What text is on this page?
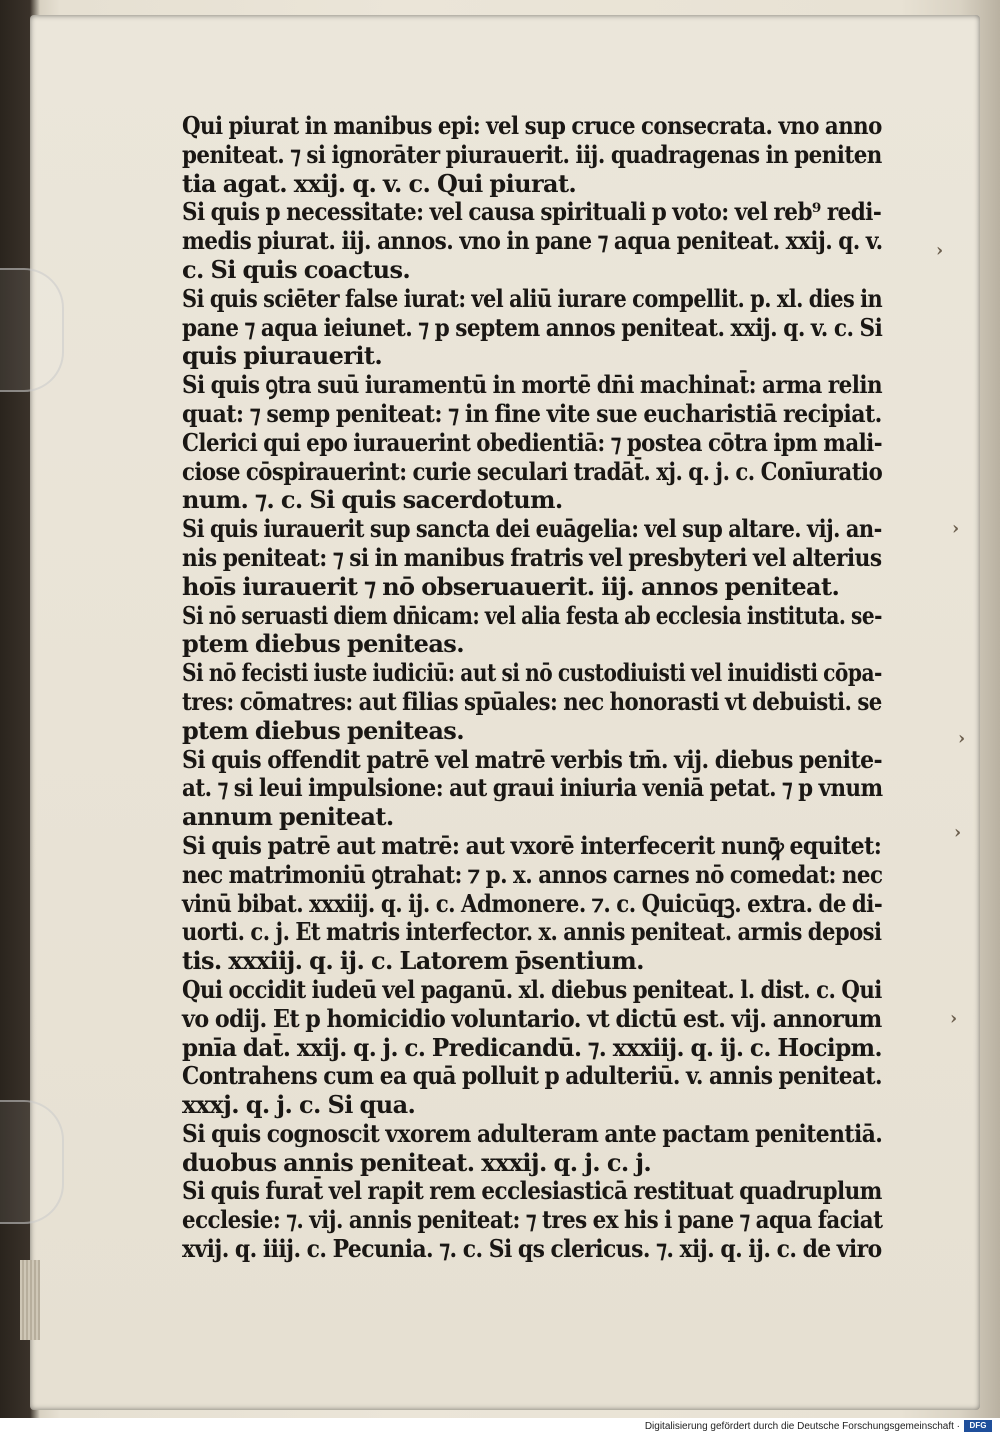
›
›
›
›
›
Qui piurat in manibus epi: vel sup cruce consecrata. vno anno
peniteat. ⁊ si ignorāter piurauerit. iij. quadragenas in peniten
tia agat. xxij. q. v. c. Qui piurat.
Si quis p necessitate: vel causa spirituali p voto: vel reb⁹ redi-
medis piurat. iij. annos. vno in pane ⁊ aqua peniteat. xxij. q. v.
c. Si quis coactus.
Si quis sciēter false iurat: vel aliū iurare compellit. p. xl. dies in
pane ⁊ aqua ieiunet. ⁊ p septem annos peniteat. xxij. q. v. c. Si
quis piurauerit.
Si quis ꝯtra suū iuramentū in mortē dn̄i machinat̄: arma relin
quat: ⁊ semp peniteat: ⁊ in fine vite sue eucharistiā recipiat.
Clerici qui epo iurauerint obedientiā: ⁊ postea cōtra ipm mali-
ciose cōspirauerint: curie seculari tradāt̄. xj. q. j. c. Conīuratio
num. ⁊. c. Si quis sacerdotum.
Si quis iurauerit sup sancta dei euāgelia: vel sup altare. vij. an-
nis peniteat: ⁊ si in manibus fratris vel presbyteri vel alterius
hoīs iurauerit ⁊ nō obseruauerit. iij. annos peniteat.
Si nō seruasti diem dn̄icam: vel alia festa ab ecclesia instituta. se-
ptem diebus peniteas.
Si nō fecisti iuste iudiciū: aut si nō custodiuisti vel inuidisti cōpa-
tres: cōmatres: aut filias spūales: nec honorasti vt debuisti. se
ptem diebus peniteas.
Si quis offendit patrē vel matrē verbis tm̄. vij. diebus penite-
at. ⁊ si leui impulsione: aut graui iniuria veniā petat. ⁊ p vnum
annum peniteat.
Si quis patrē aut matrē: aut vxorē interfecerit nunꝙ̄ equitet:
nec matrimoniū ꝯtrahat: ⁊ p. x. annos carnes nō comedat: nec
vinū bibat. xxxiij. q. ij. c. Admonere. ⁊. c. Quicūqꝫ. extra. de di-
uorti. c. j. Et matris interfector. x. annis peniteat. armis deposi
tis. xxxiij. q. ij. c. Latorem p̄sentium.
Qui occidit iudeū vel paganū. xl. diebus peniteat. l. dist. c. Qui
vo odij. Et p homicidio voluntario. vt dictū est. vij. annorum
pnīa dat̄. xxij. q. j. c. Predicandū. ⁊. xxxiij. q. ij. c. Hocipm.
Contrahens cum ea quā polluit p adulteriū. v. annis peniteat.
xxxj. q. j. c. Si qua.
Si quis cognoscit vxorem adulteram ante pactam penitentiā.
duobus annis peniteat. xxxij. q. j. c. j.
Si quis furat̄ vel rapit rem ecclesiasticā restituat quadruplum
ecclesie: ⁊. vij. annis peniteat: ⁊ tres ex his i pane ⁊ aqua faciat
xvij. q. iiij. c. Pecunia. ⁊. c. Si qs clericus. ⁊. xij. q. ij. c. de viro
Digitalisierung gefördert durch die Deutsche Forschungsgemeinschaft ·	DFG
